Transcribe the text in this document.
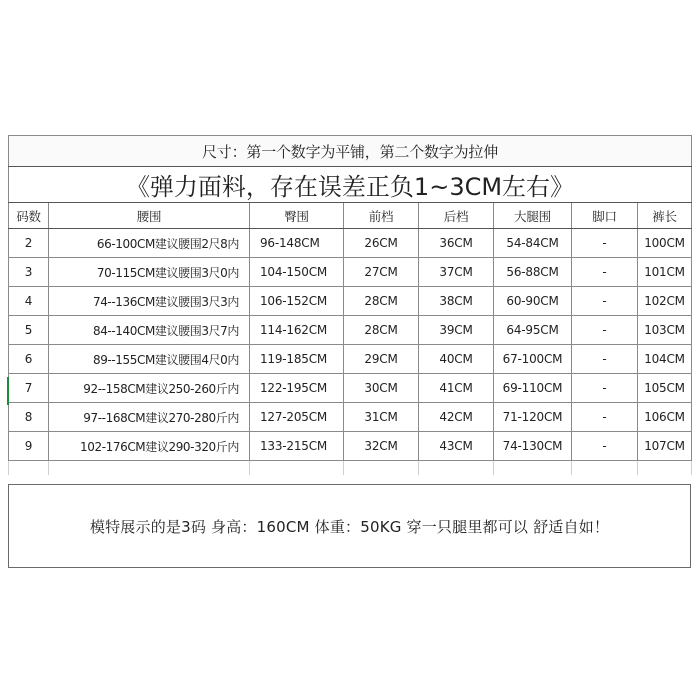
尺寸：第一个数字为平铺，第二个数字为拉伸							
《弹力面料，存在误差正负1~3CM左右》							
码数	腰围	臀围	前档	后档	大腿围	脚口	裤长
2	66-100CM建议腰围2尺8内	96-148CM	26CM	36CM	54-84CM	-	100CM
3	70-115CM建议腰围3尺0内	104-150CM	27CM	37CM	56-88CM	-	101CM
4	74--136CM建议腰围3尺3内	106-152CM	28CM	38CM	60-90CM	-	102CM
5	84--140CM建议腰围3尺7内	114-162CM	28CM	39CM	64-95CM	-	103CM
6	89--155CM建议腰围4尺0内	119-185CM	29CM	40CM	67-100CM	-	104CM
7	92--158CM建议250-260斤内	122-195CM	30CM	41CM	69-110CM	-	105CM
8	97--168CM建议270-280斤内	127-205CM	31CM	42CM	71-120CM	-	106CM
9	102-176CM建议290-320斤内	133-215CM	32CM	43CM	74-130CM	-	107CM

模特展示的是3码 身高：160CM 体重：50KG 穿一只腿里都可以 舒适自如！
